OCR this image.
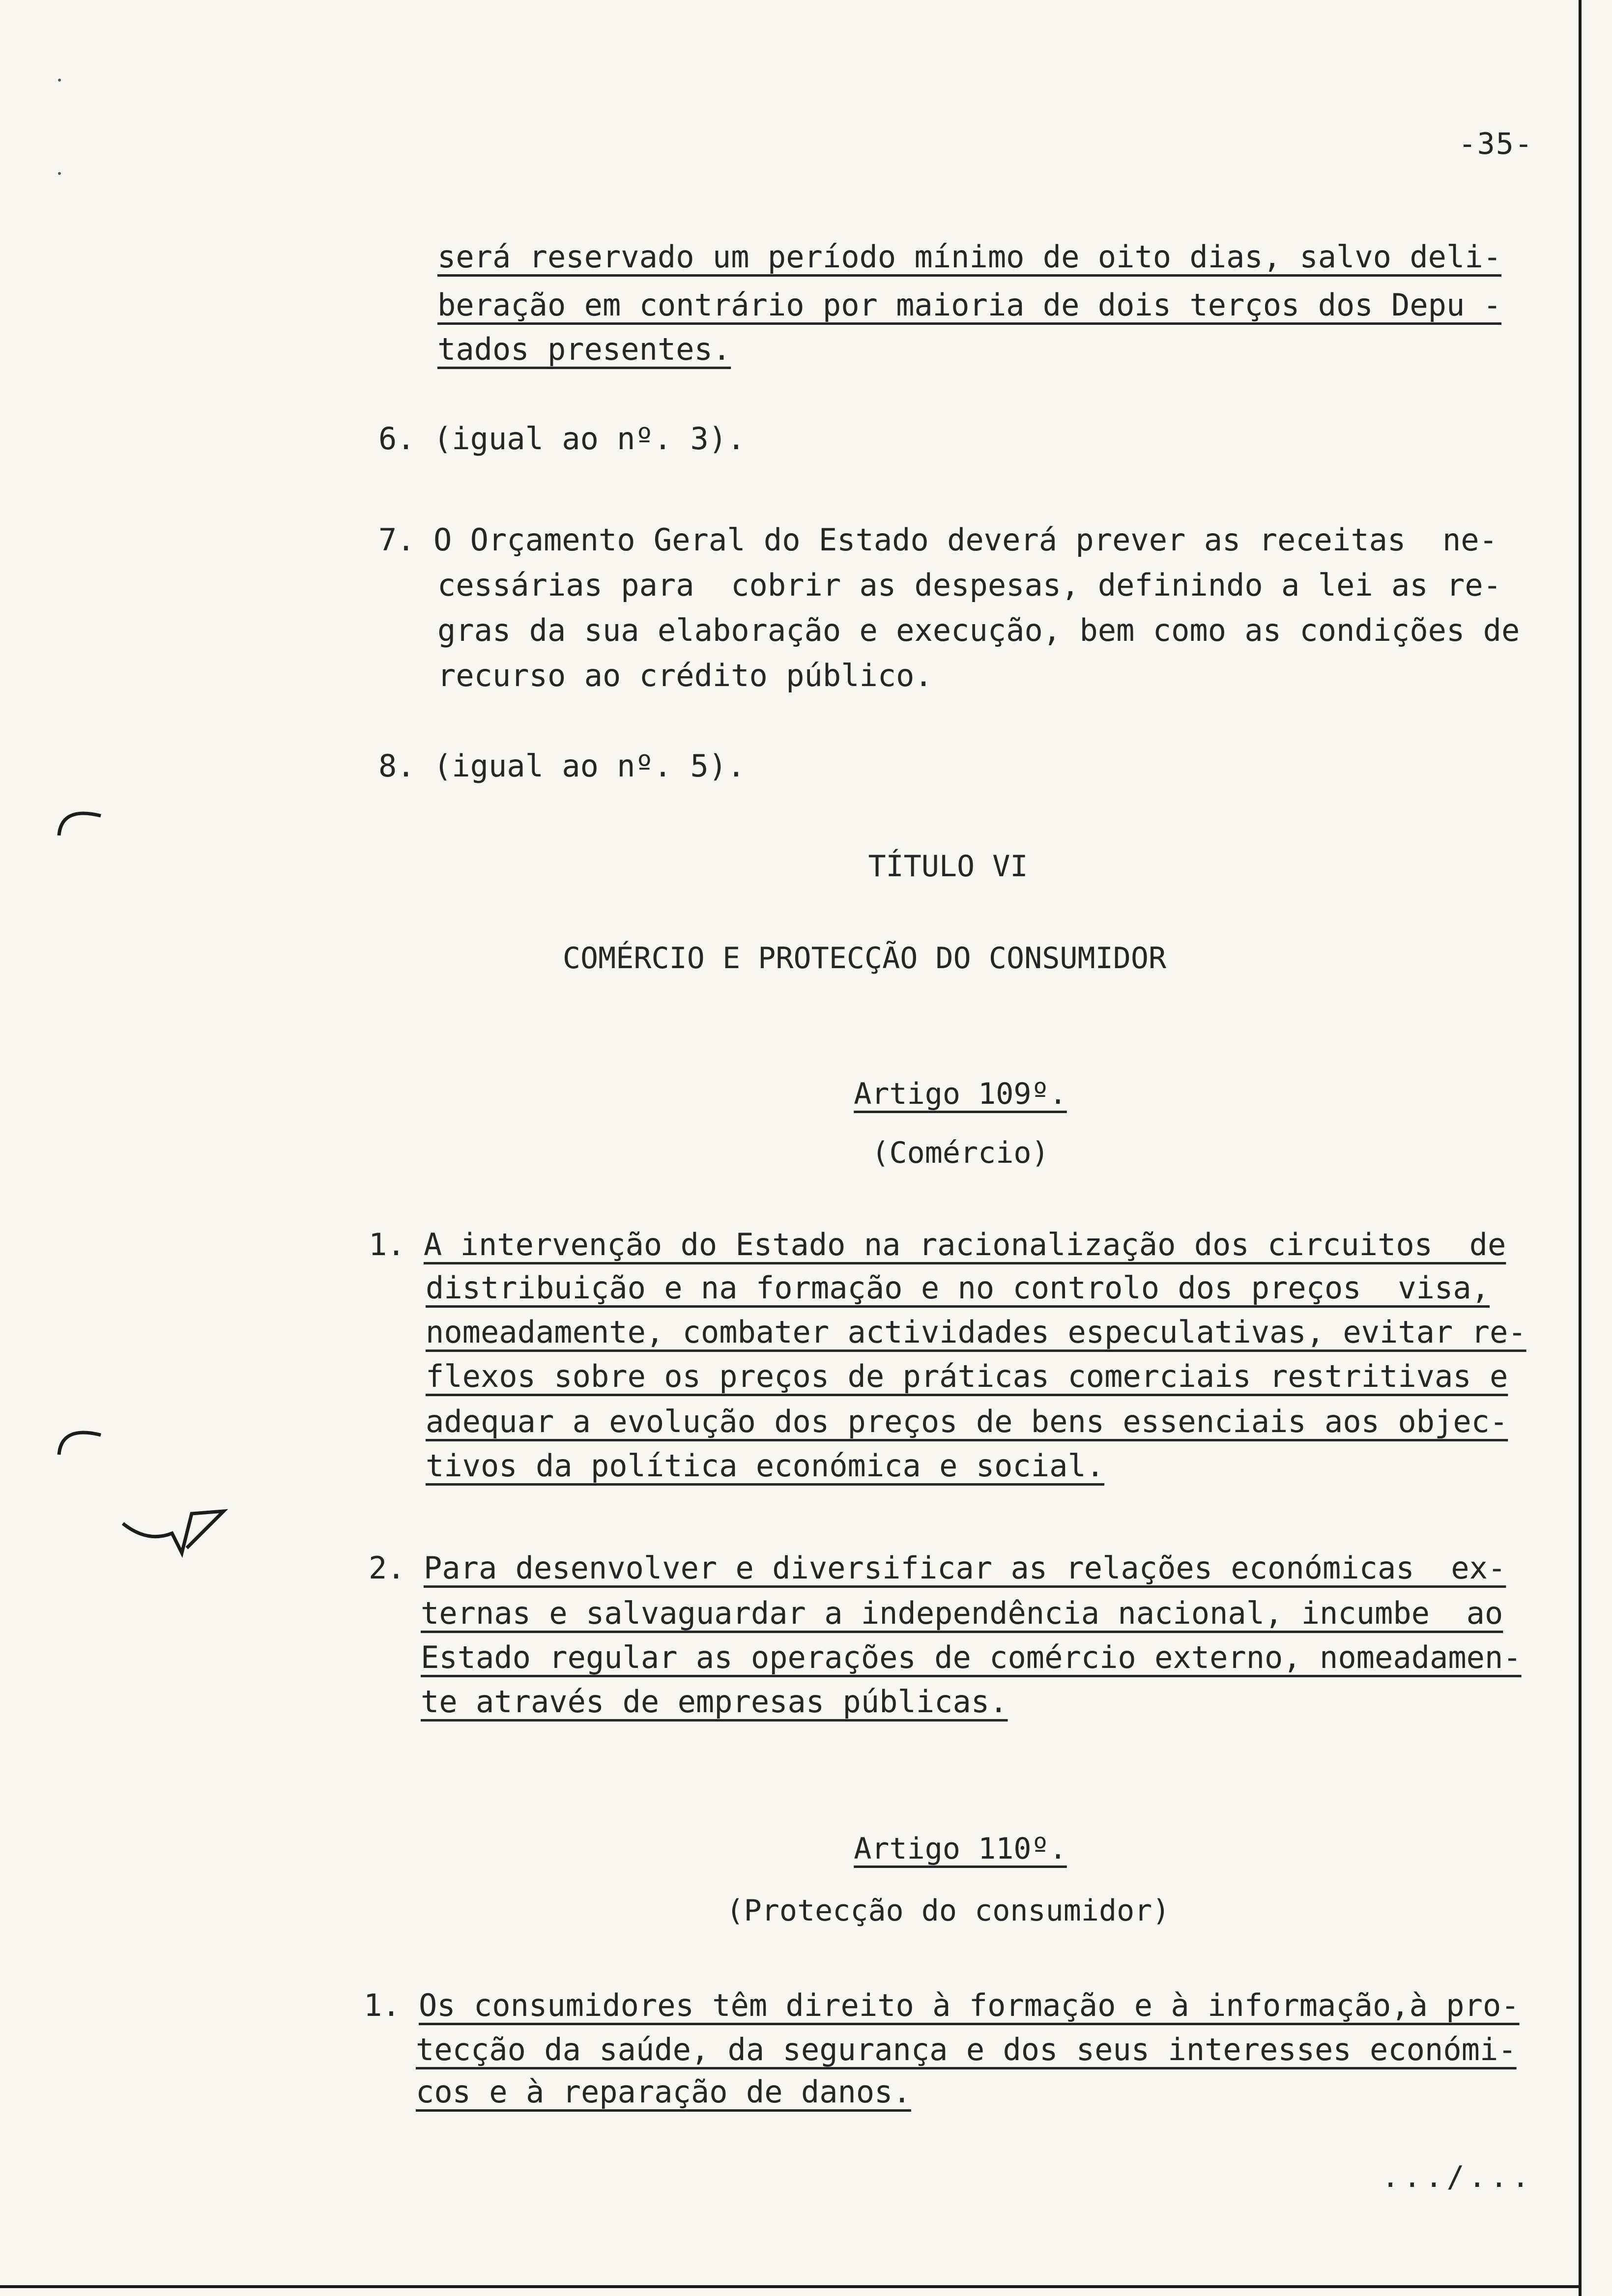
-35-
será reservado um período mínimo de oito dias, salvo deli-
beração em contrário por maioria de dois terços dos Depu -
tados presentes.
6. (igual ao nº. 3).
7. O Orçamento Geral do Estado deverá prever as receitas  ne-
cessárias para  cobrir as despesas, definindo a lei as re-
gras da sua elaboração e execução, bem como as condições de
recurso ao crédito público.
8. (igual ao nº. 5).
TÍTULO VI
COMÉRCIO E PROTECÇÃO DO CONSUMIDOR
Artigo 109º.
(Comércio)
1. A intervenção do Estado na racionalização dos circuitos  de
distribuição e na formação e no controlo dos preços  visa,
nomeadamente, combater actividades especulativas, evitar re-
flexos sobre os preços de práticas comerciais restritivas e
adequar a evolução dos preços de bens essenciais aos objec-
tivos da política económica e social.
2. Para desenvolver e diversificar as relações económicas  ex-
ternas e salvaguardar a independência nacional, incumbe  ao
Estado regular as operações de comércio externo, nomeadamen-
te através de empresas públicas.
Artigo 110º.
(Protecção do consumidor)
1. Os consumidores têm direito à formação e à informação,à pro-
tecção da saúde, da segurança e dos seus interesses económi-
cos e à reparação de danos.
.../...
